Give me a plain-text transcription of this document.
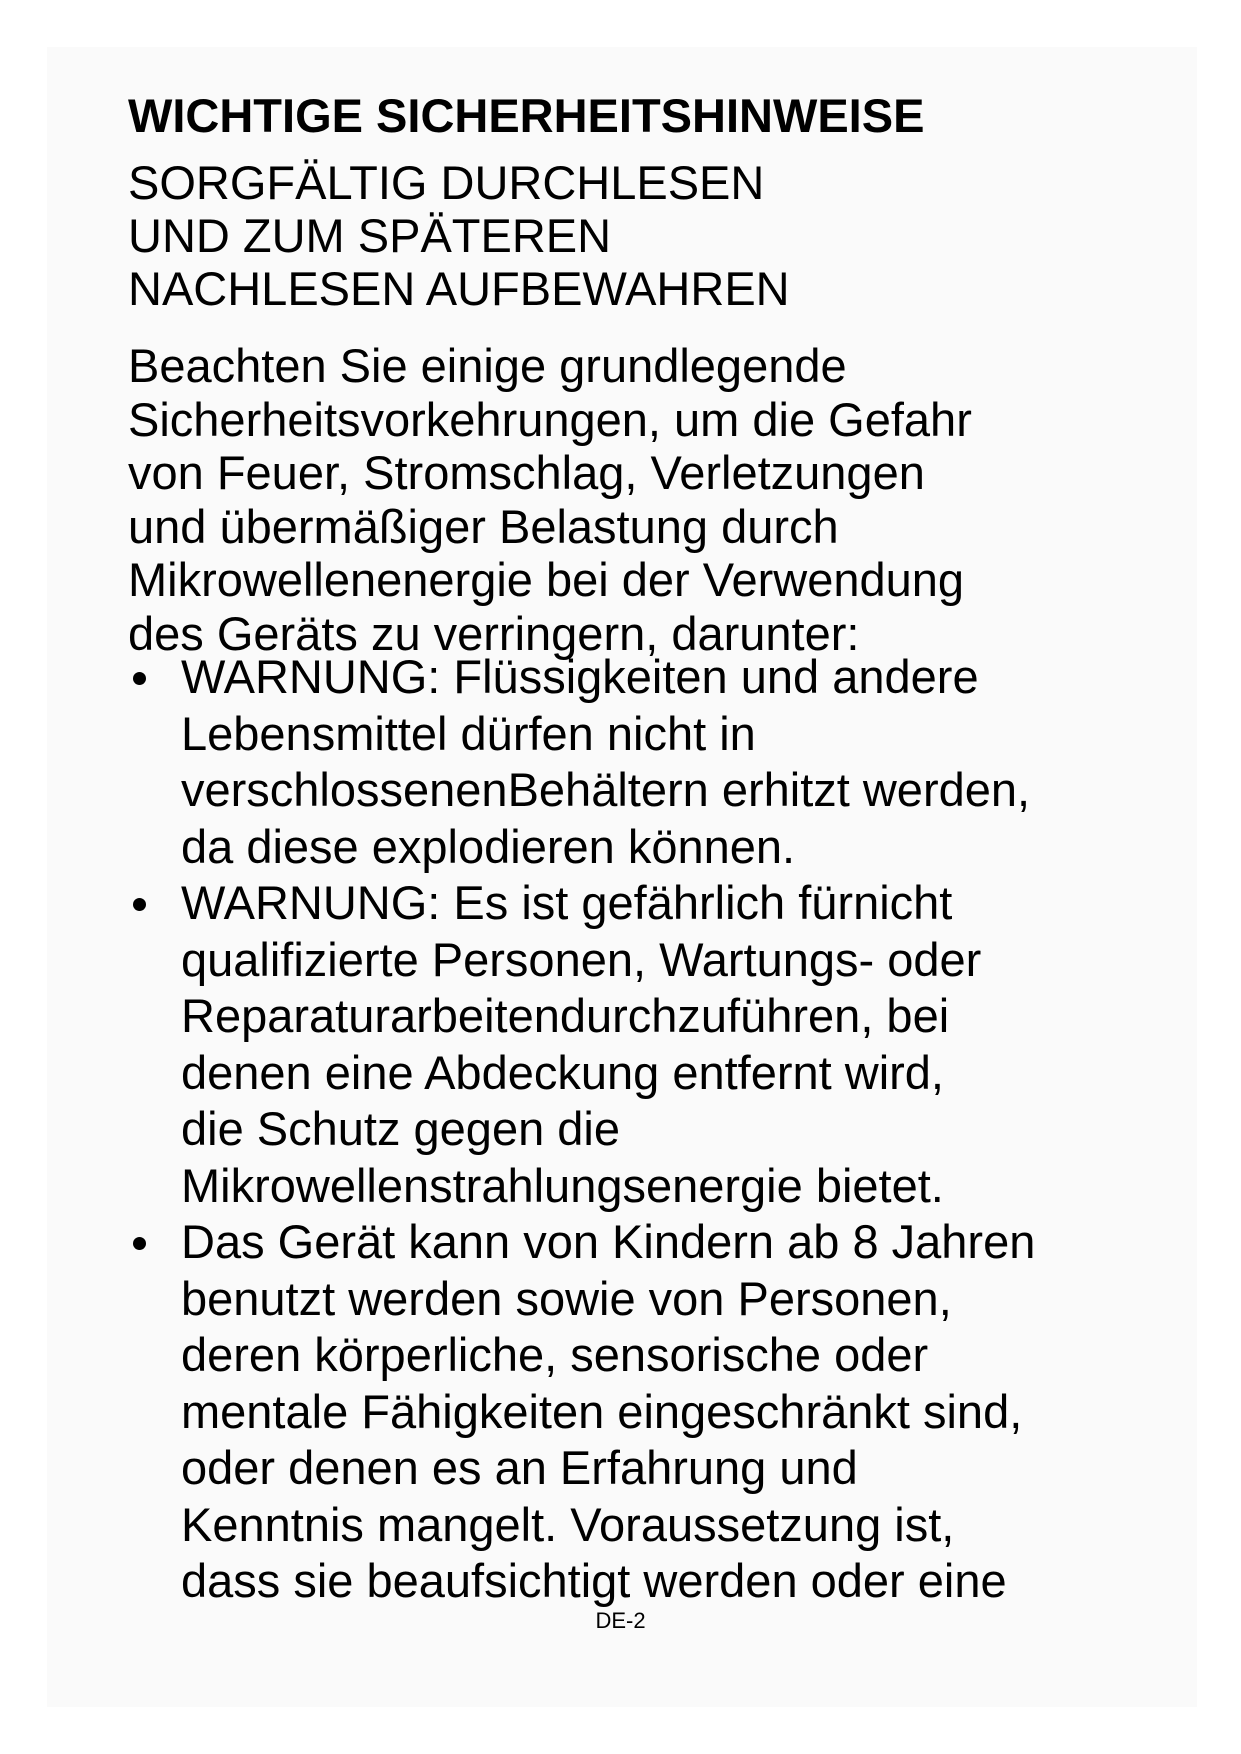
WICHTIGE SICHERHEITSHINWEISE
SORGFÄLTIG DURCHLESEN
UND ZUM SPÄTEREN
NACHLESEN AUFBEWAHREN
Beachten Sie einige grundlegende
Sicherheitsvorkehrungen, um die Gefahr
von Feuer, Stromschlag, Verletzungen
und übermäßiger Belastung durch
Mikrowellenenergie bei der Verwendung
des Geräts zu verringern, darunter:
WARNUNG: Flüssigkeiten und andere
Lebensmittel dürfen nicht in
verschlossenenBehältern erhitzt werden,
da diese explodieren können.
WARNUNG: Es ist gefährlich fürnicht
qualifizierte Personen, Wartungs- oder
Reparaturarbeitendurchzuführen, bei
denen eine Abdeckung entfernt wird,
die Schutz gegen die
Mikrowellenstrahlungsenergie bietet.
Das Gerät kann von Kindern ab 8 Jahren
benutzt werden sowie von Personen,
deren körperliche, sensorische oder
mentale Fähigkeiten eingeschränkt sind,
oder denen es an Erfahrung und
Kenntnis mangelt. Voraussetzung ist,
dass sie beaufsichtigt werden oder eine
DE-2
